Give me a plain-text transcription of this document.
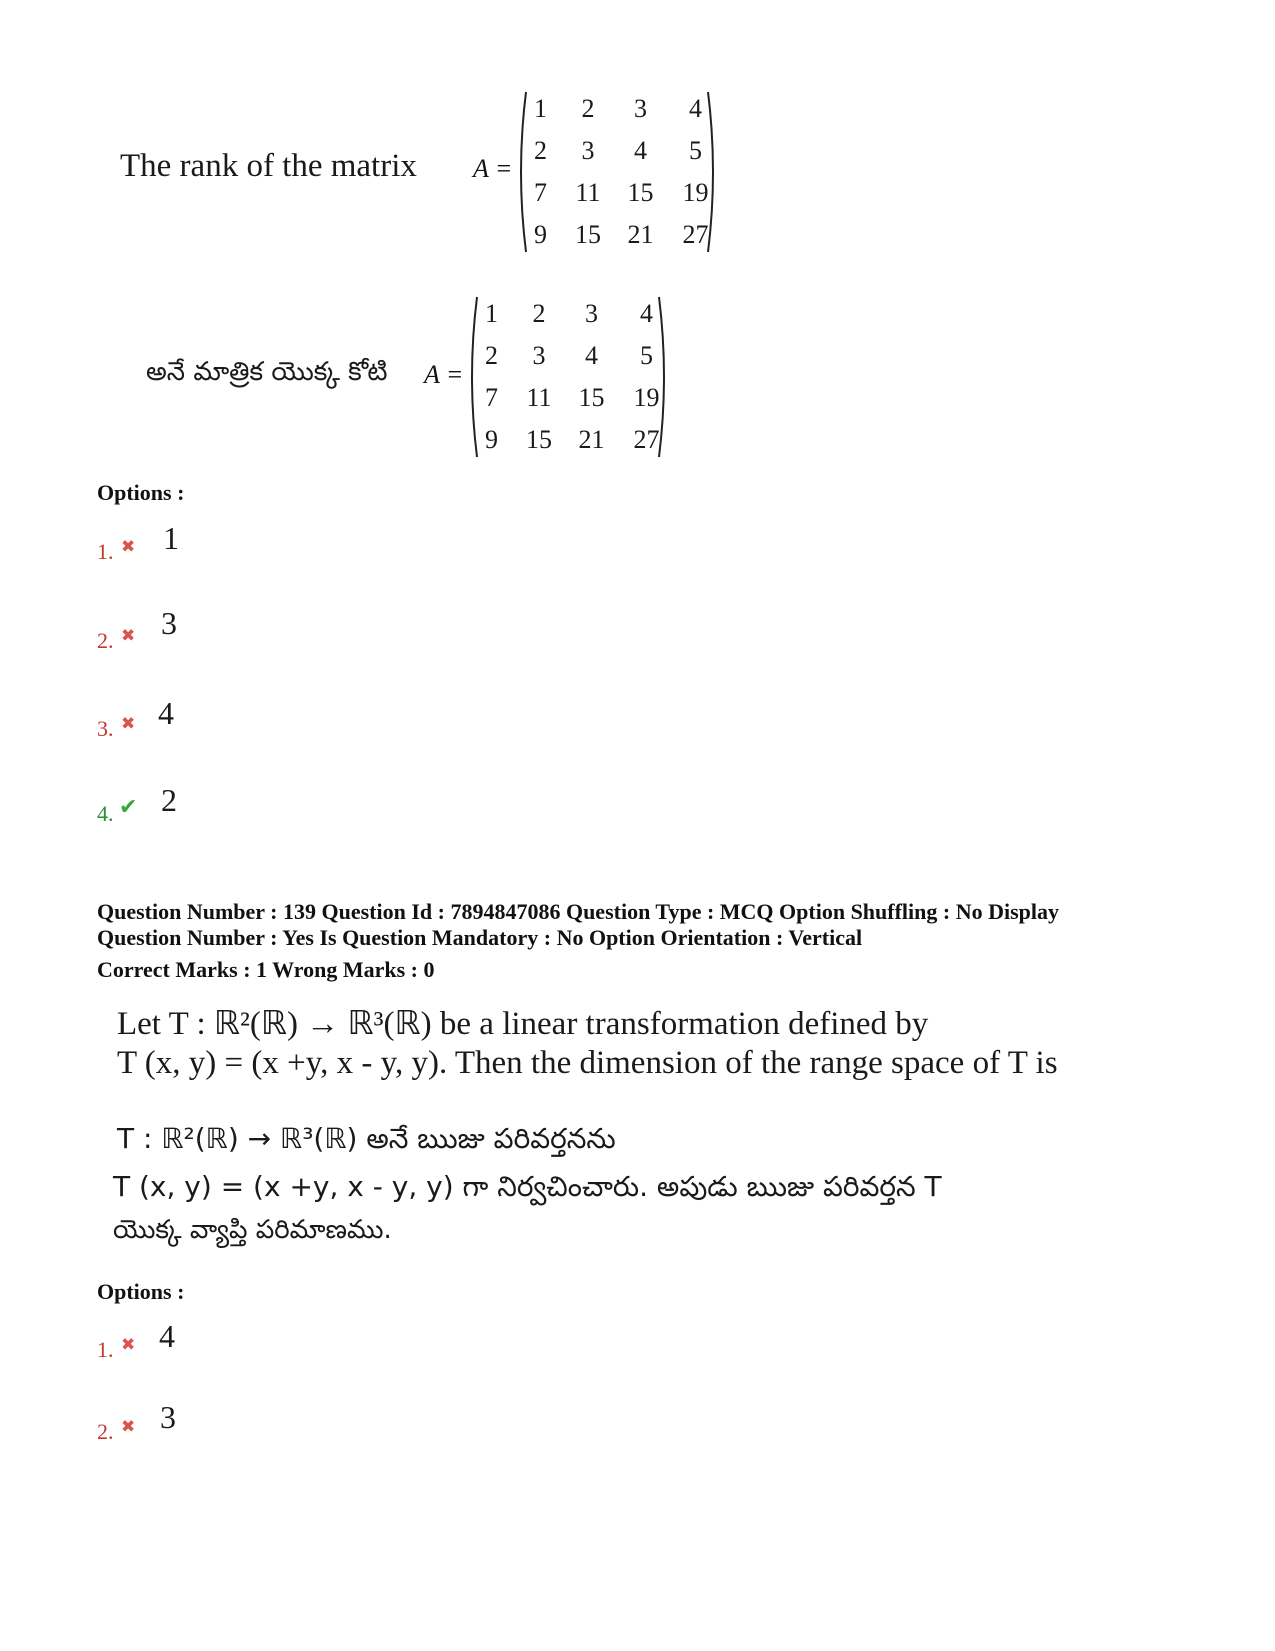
The rank of the matrix A =
1	2	3	4
2	3	4	5
7	11	15	19
9	15	21	27
అనే మాత్రిక యొక్క కోటి A =
1	2	3	4
2	3	4	5
7	11	15	19
9	15	21	27
Options :
1. ✖ 1
2. ✖ 3
3. ✖ 4
4. ✔ 2
Question Number : 139 Question Id : 7894847086 Question Type : MCQ Option Shuffling : No Display
Question Number : Yes Is Question Mandatory : No Option Orientation : Vertical
Correct Marks : 1 Wrong Marks : 0
Let T : ℝ²(ℝ) → ℝ³(ℝ) be a linear transformation defined by
T (x, y) = (x +y, x - y, y). Then the dimension of the range space of T is
T : ℝ²(ℝ) → ℝ³(ℝ) అనే ఋజు పరివర్తనను
T (x, y) = (x +y, x - y, y) గా నిర్వచించారు. అపుడు ఋజు పరివర్తన T
యొక్క వ్యాప్తి పరిమాణము.
Options :
1. ✖ 4
2. ✖ 3
